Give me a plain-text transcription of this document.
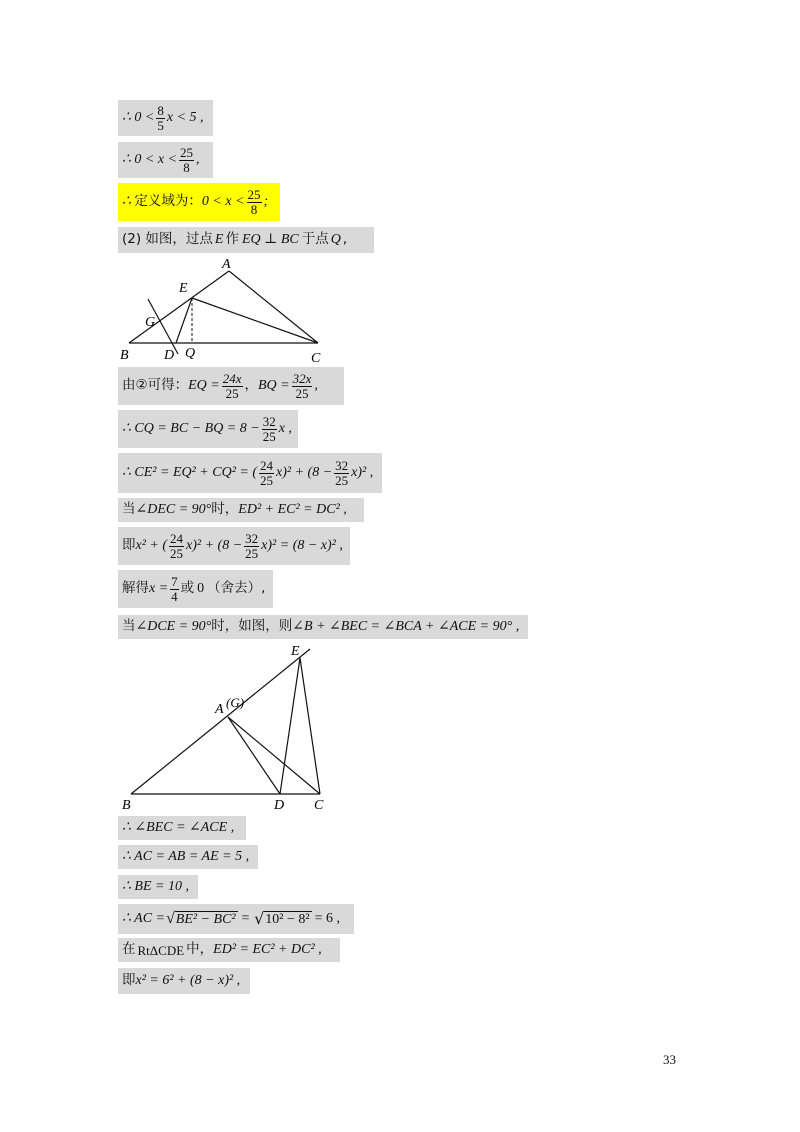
∴ $0 < \frac{8}{5}$ x < 5 ,
∴ $0 < x < \frac{25}{8}$ ,
∴ 定义域为： $0 < x < \frac{25}{8}$ ;
(2) 如图，过点 E 作 EQ ⊥ BC 于点 Q ,
A
E
G
B	D Q	C
由②可得： EQ = $\frac{24x}{25}$ ， BQ = $\frac{32x}{25}$ ,
∴ CQ = BC − BQ = $8 - \frac{32}{25}$ x ,
∴ CE² = EQ² + CQ² = ( $\frac{24}{25} x)^2 + (8 - \frac{32}{25} x)^2$ ,
当 ∠DEC = 90° 时， ED² + EC² = DC² ,
即 x² + ( $\frac{24}{25} x)^2 + (8 - \frac{32}{25} x)^2 = (8 - x)^2$ ,
解得 $x = \frac{7}{4}$ 或 0 （舍去）,
当 ∠DCE = 90° 时，如图，则 ∠B + ∠BEC = ∠BCA + ∠ACE = 90° ,
E
A (G)
B	D C
∴ ∠BEC = ∠ACE ,
∴ AC = AB = AE = 5 ,
∴ BE = 10 ,
∴ AC = √ BE² − BC² = √ 10² − 8² = 6 ,
在 RtΔCDE 中， ED² = EC² + DC² ,
即 x² = 6² + (8 − x)² ,
33
